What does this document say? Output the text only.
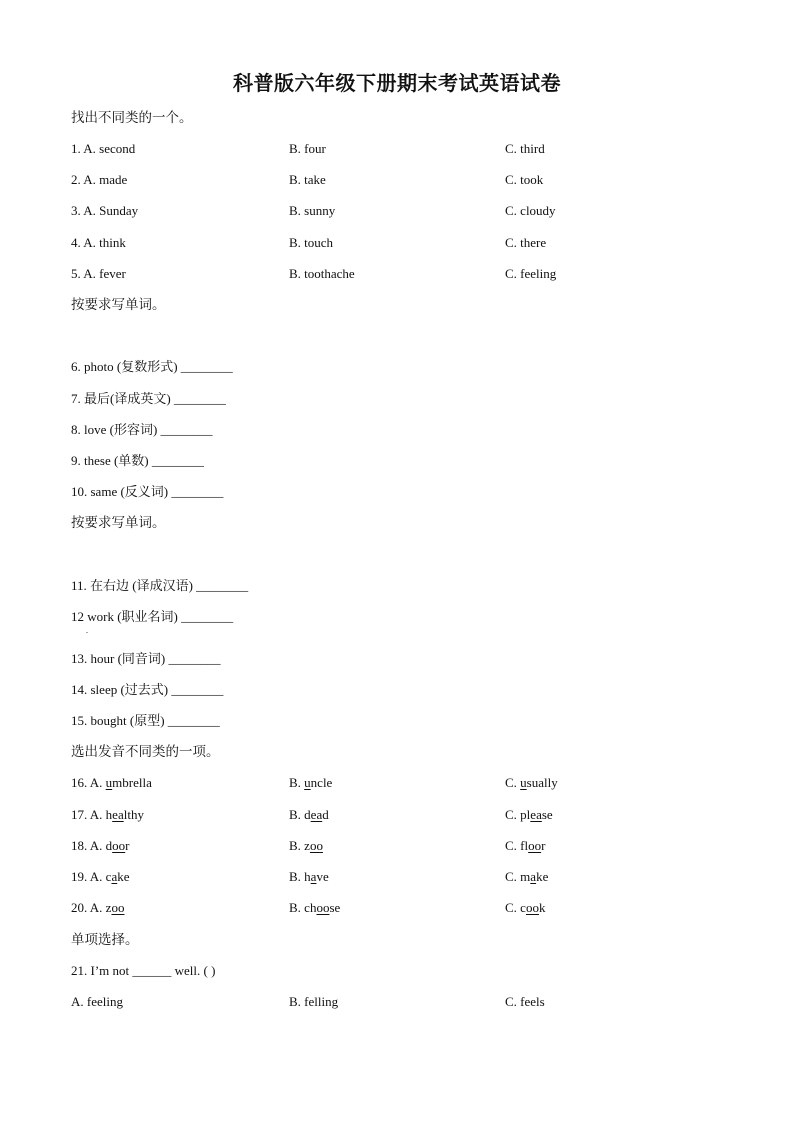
科普版六年级下册期末考试英语试卷
找出不同类的一个。
1. A. second	B. four	C. third
2. A. made	B. take	C. took
3. A. Sunday	B. sunny	C. cloudy
4. A. think	B. touch	C. there
5. A. fever	B. toothache	C. feeling
按要求写单词。
6. photo (复数形式) ________
7. 最后(译成英文) ________
8. love (形容词) ________
9. these (单数) ________
10. same (反义词) ________
按要求写单词。
11. 在右边 (译成汉语) ________
12 work (职业名词) ________
.
13. hour (同音词) ________
14. sleep (过去式) ________
15. bought (原型) ________
选出发音不同类的一项。
16. A. umbrella	B. uncle	C. usually
17. A. healthy	B. dead	C. please
18. A. door	B. zoo	C. floor
19. A. cake	B. have	C. make
20. A. zoo	B. choose	C. cook
单项选择。
21. I’m not ______ well. ( )
A. feeling	B. felling	C. feels
